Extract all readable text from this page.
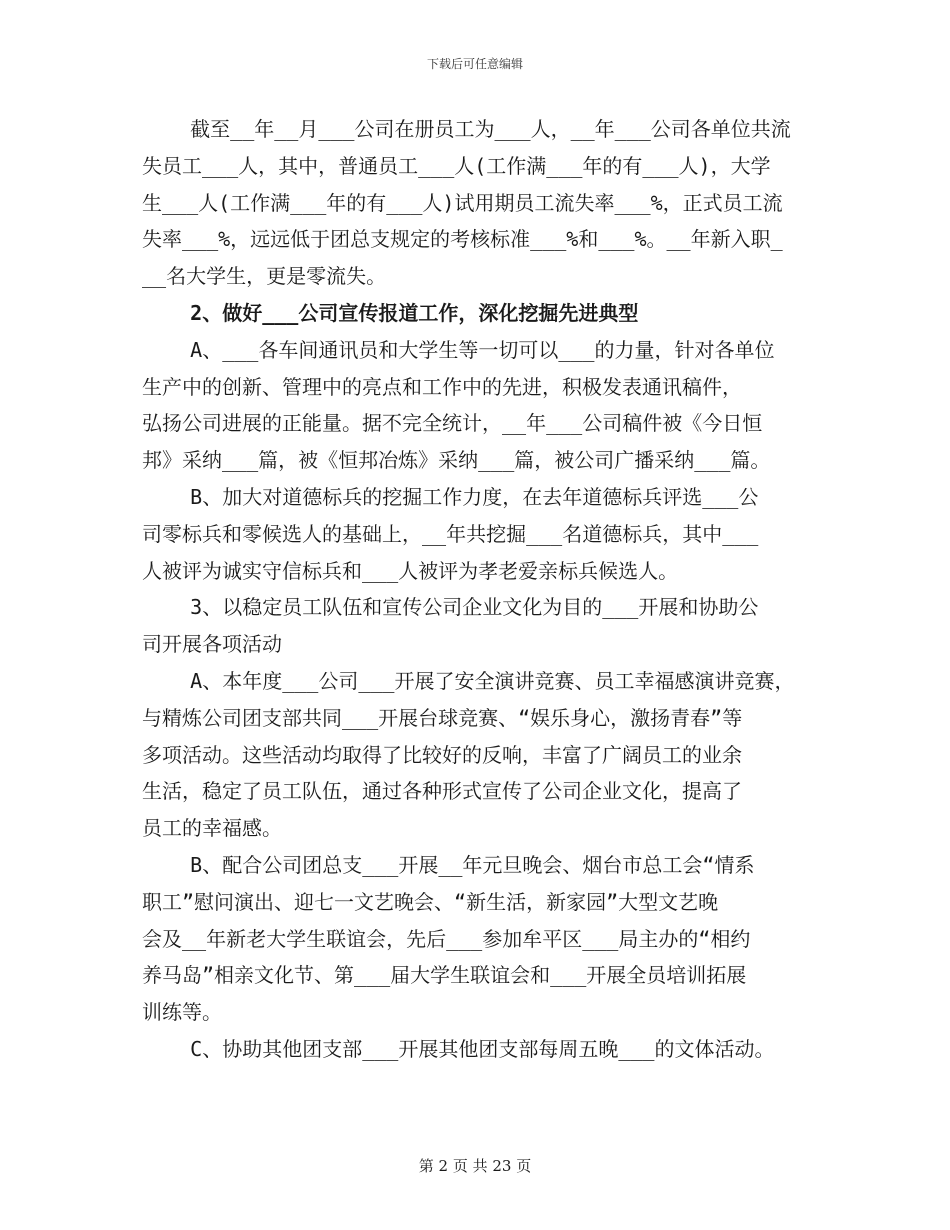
下载后可任意编辑
截至__年__月___公司在册员工为___人，__年___公司各单位共流
失员工___人，其中，普通员工___人(工作满___年的有___人)，大学
生___人(工作满___年的有___人)试用期员工流失率___%，正式员工流
失率___%，远远低于团总支规定的考核标准___%和___%。__年新入职_
__名大学生，更是零流失。
2、做好___公司宣传报道工作，深化挖掘先进典型
A、___各车间通讯员和大学生等一切可以___的力量，针对各单位
生产中的创新、管理中的亮点和工作中的先进，积极发表通讯稿件，
弘扬公司进展的正能量。据不完全统计，__年___公司稿件被《今日恒
邦》采纳___篇，被《恒邦冶炼》采纳___篇，被公司广播采纳___篇。
B、加大对道德标兵的挖掘工作力度，在去年道德标兵评选___公
司零标兵和零候选人的基础上，__年共挖掘___名道德标兵，其中___
人被评为诚实守信标兵和___人被评为孝老爱亲标兵候选人。
3、以稳定员工队伍和宣传公司企业文化为目的___开展和协助公
司开展各项活动
A、本年度___公司___开展了安全演讲竞赛、员工幸福感演讲竞赛，
与精炼公司团支部共同___开展台球竞赛、“娱乐身心，激扬青春”等
多项活动。这些活动均取得了比较好的反响，丰富了广阔员工的业余
生活，稳定了员工队伍，通过各种形式宣传了公司企业文化，提高了
员工的幸福感。
B、配合公司团总支___开展__年元旦晚会、烟台市总工会“情系
职工”慰问演出、迎七一文艺晚会、“新生活，新家园”大型文艺晚
会及__年新老大学生联谊会，先后___参加牟平区___局主办的“相约
养马岛”相亲文化节、第___届大学生联谊会和___开展全员培训拓展
训练等。
C、协助其他团支部___开展其他团支部每周五晚___的文体活动。
第 2 页 共 23 页
